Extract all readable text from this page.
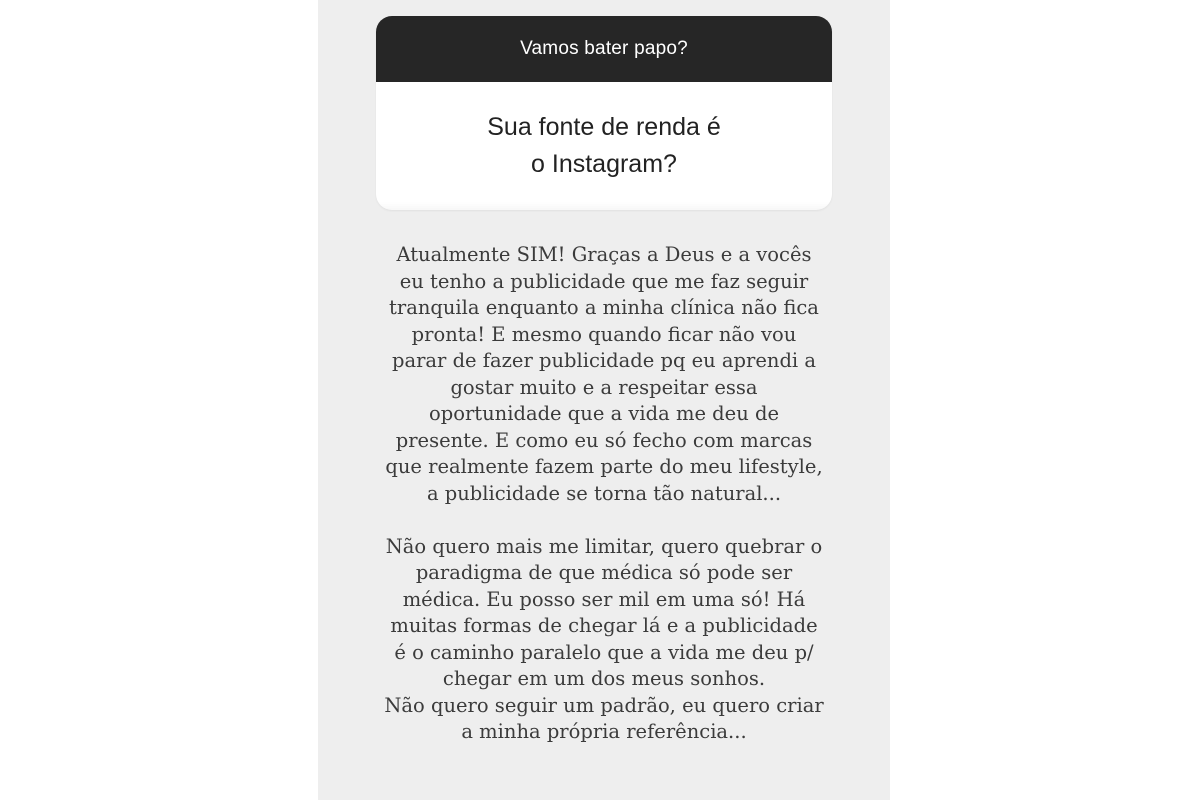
Vamos bater papo?
Sua fonte de renda é
o Instagram?
Atualmente SIM! Graças a Deus e a vocês
eu tenho a publicidade que me faz seguir
tranquila enquanto a minha clínica não fica
pronta! E mesmo quando ficar não vou
parar de fazer publicidade pq eu aprendi a
gostar muito e a respeitar essa
oportunidade que a vida me deu de
presente. E como eu só fecho com marcas
que realmente fazem parte do meu lifestyle,
a publicidade se torna tão natural...
Não quero mais me limitar, quero quebrar o
paradigma de que médica só pode ser
médica. Eu posso ser mil em uma só! Há
muitas formas de chegar lá e a publicidade
é o caminho paralelo que a vida me deu p/
chegar em um dos meus sonhos.
Não quero seguir um padrão, eu quero criar
a minha própria referência...
